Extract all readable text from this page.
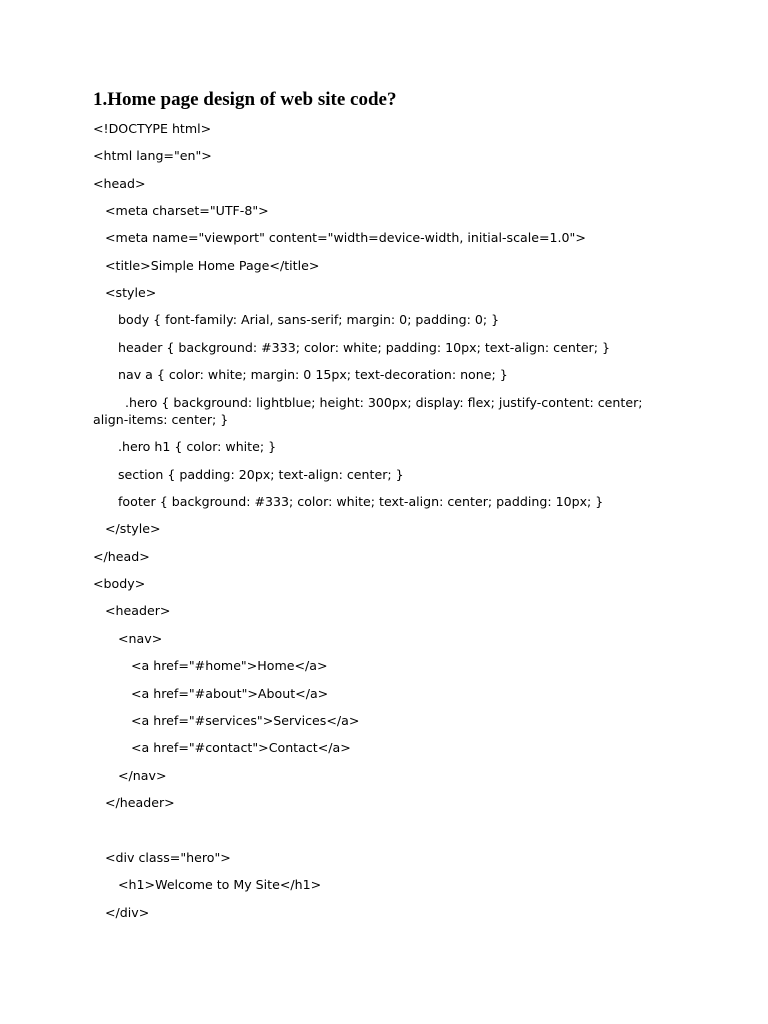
1.Home page design of web site code?
<!DOCTYPE html>
<html lang="en">
<head>
<meta charset="UTF-8">
<meta name="viewport" content="width=device-width, initial-scale=1.0">
<title>Simple Home Page</title>
<style>
body { font-family: Arial, sans-serif; margin: 0; padding: 0; }
header { background: #333; color: white; padding: 10px; text-align: center; }
nav a { color: white; margin: 0 15px; text-decoration: none; }
.hero { background: lightblue; height: 300px; display: flex; justify-content: center; align-items: center; }
.hero h1 { color: white; }
section { padding: 20px; text-align: center; }
footer { background: #333; color: white; text-align: center; padding: 10px; }
</style>
</head>
<body>
<header>
<nav>
<a href="#home">Home</a>
<a href="#about">About</a>
<a href="#services">Services</a>
<a href="#contact">Contact</a>
</nav>
</header>
<div class="hero">
<h1>Welcome to My Site</h1>
</div>
